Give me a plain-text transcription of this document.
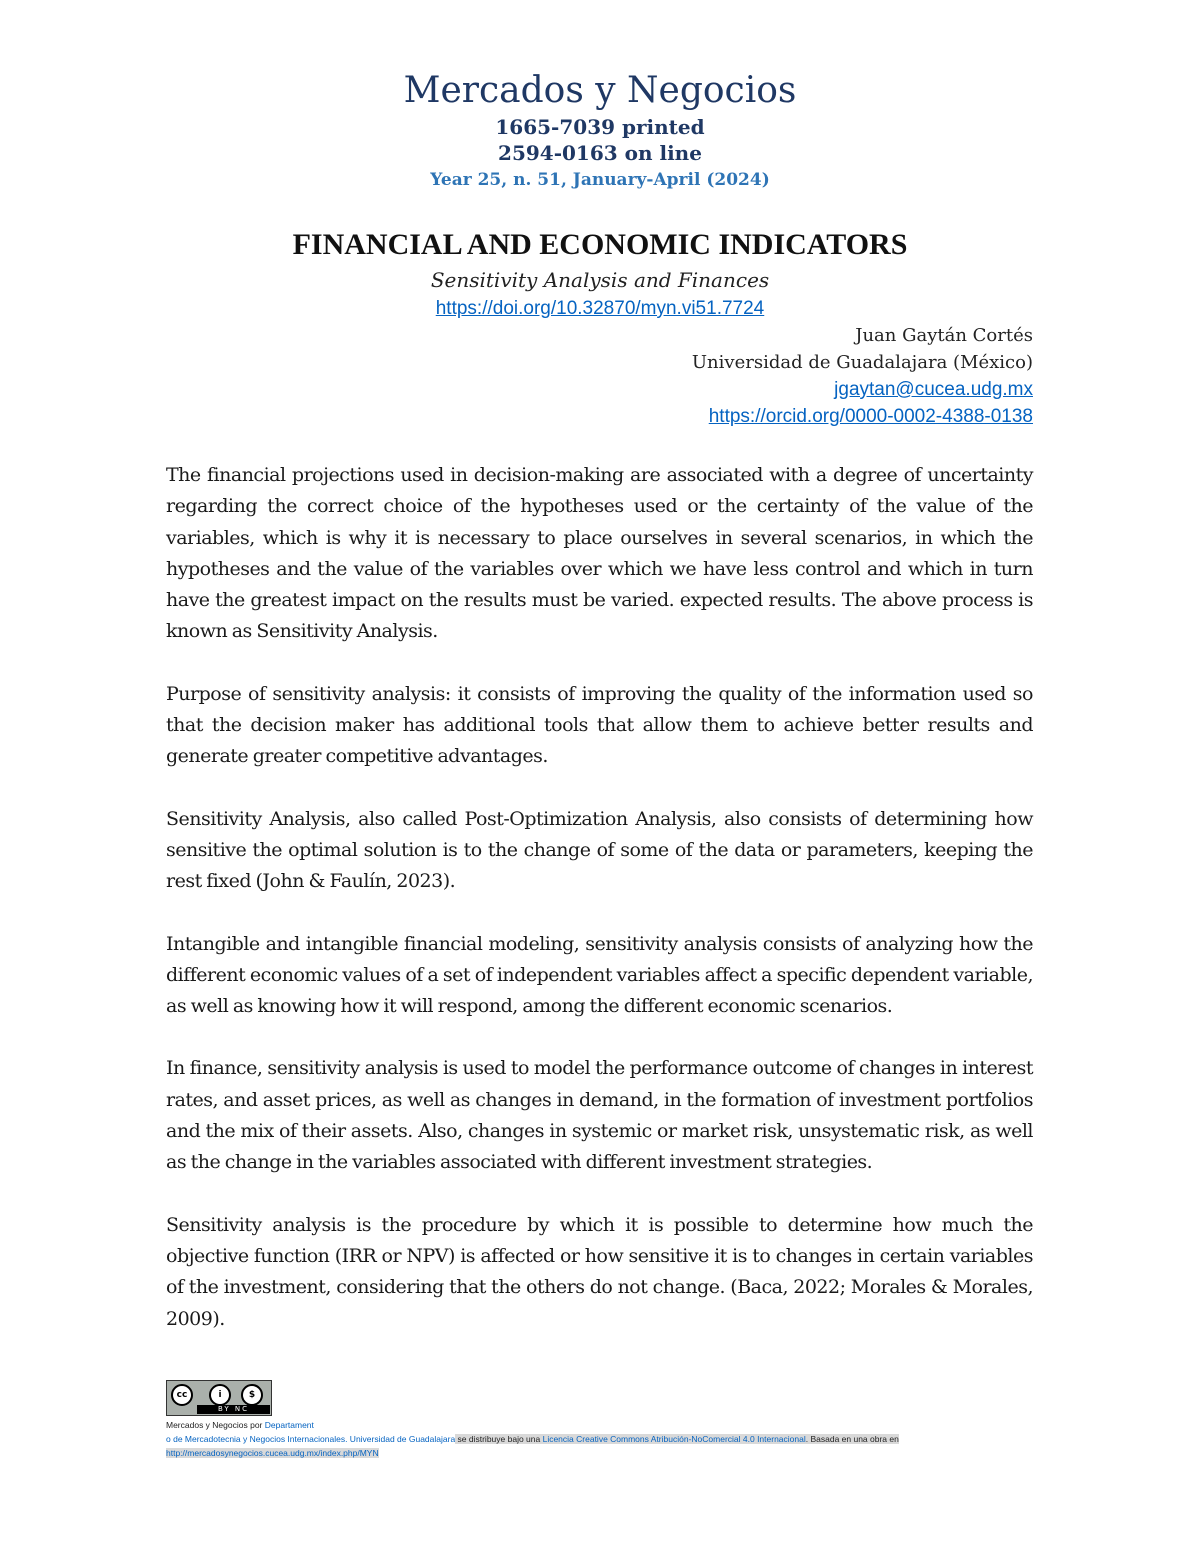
Mercados y Negocios
1665-7039 printed
2594-0163 on line
Year 25, n. 51, January-April (2024)
FINANCIAL AND ECONOMIC INDICATORS
Sensitivity Analysis and Finances
https://doi.org/10.32870/myn.vi51.7724
Juan Gaytán Cortés
Universidad de Guadalajara (México)
jgaytan@cucea.udg.mx
https://orcid.org/0000-0002-4388-0138

The financial projections used in decision-making are associated with a degree of uncertainty regarding the correct choice of the hypotheses used or the certainty of the value of the variables, which is why it is necessary to place ourselves in several scenarios, in which the hypotheses and the value of the variables over which we have less control and which in turn have the greatest impact on the results must be varied. expected results. The above process is known as Sensitivity Analysis.

Purpose of sensitivity analysis: it consists of improving the quality of the information used so that the decision maker has additional tools that allow them to achieve better results and generate greater competitive advantages.

Sensitivity Analysis, also called Post-Optimization Analysis, also consists of determining how sensitive the optimal solution is to the change of some of the data or parameters, keeping the rest fixed (John & Faulín, 2023).

Intangible and intangible financial modeling, sensitivity analysis consists of analyzing how the different economic values of a set of independent variables affect a specific dependent variable, as well as knowing how it will respond, among the different economic scenarios.

In finance, sensitivity analysis is used to model the performance outcome of changes in interest rates, and asset prices, as well as changes in demand, in the formation of investment portfolios and the mix of their assets. Also, changes in systemic or market risk, unsystematic risk, as well as the change in the variables associated with different investment strategies.

Sensitivity analysis is the procedure by which it is possible to determine how much the objective function (IRR or NPV) is affected or how sensitive it is to changes in certain variables of the investment, considering that the others do not change. (Baca, 2022; Morales & Morales, 2009).

cc	i	$
BY NC
Mercados y Negocios por Departament
o de Mercadotecnia y Negocios Internacionales. Universidad de Guadalajara se distribuye bajo una Licencia Creative Commons Atribución-NoComercial 4.0 Internacional. Basada en una obra en http://mercadosynegocios.cucea.udg.mx/index.php/MYN
